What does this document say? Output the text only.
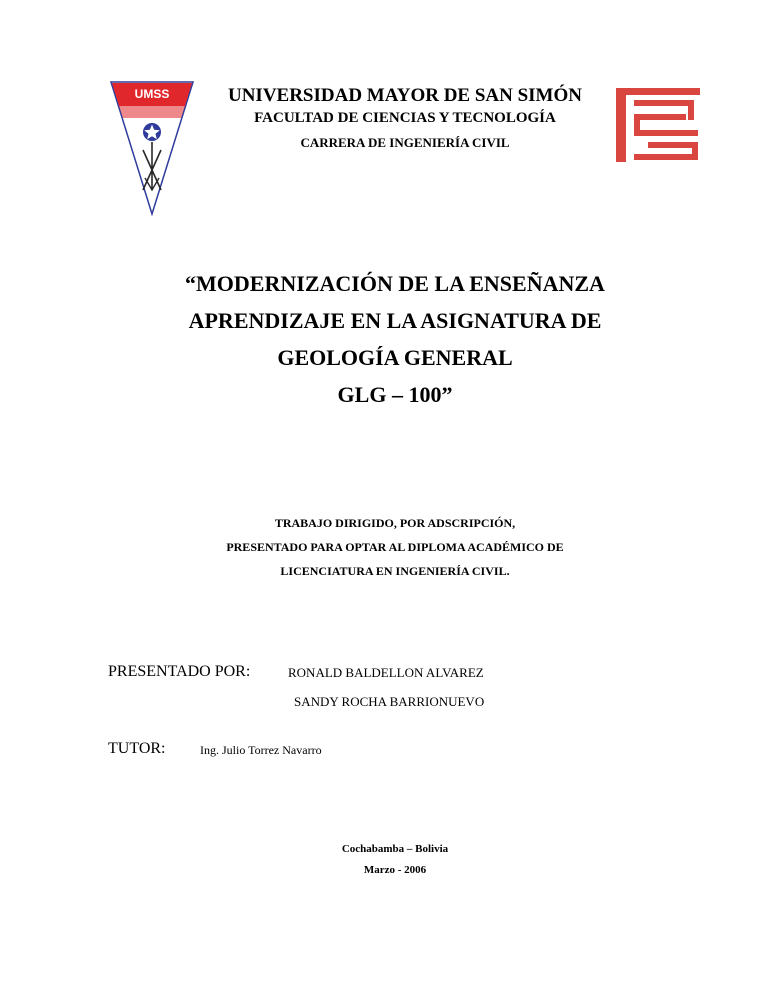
UMSS	UNIVERSIDAD MAYOR DE SAN SIMÓN
FACULTAD DE CIENCIAS Y TECNOLOGÍA
CARRERA DE INGENIERÍA CIVIL
“MODERNIZACIÓN DE LA ENSEÑANZA
APRENDIZAJE EN LA ASIGNATURA DE
GEOLOGÍA GENERAL
GLG – 100”
TRABAJO DIRIGIDO, POR ADSCRIPCIÓN,
PRESENTADO PARA OPTAR AL DIPLOMA ACADÉMICO DE
LICENCIATURA EN INGENIERÍA CIVIL.
PRESENTADO POR:	RONALD BALDELLON ALVAREZ
SANDY ROCHA BARRIONUEVO
TUTOR:	Ing. Julio Torrez Navarro
Cochabamba – Bolivia
Marzo - 2006
